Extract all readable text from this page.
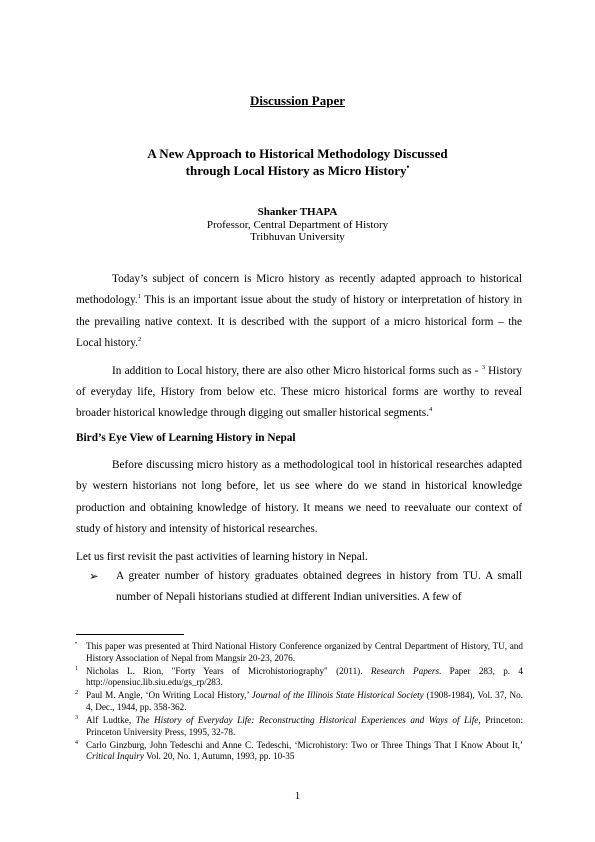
Discussion Paper
A New Approach to Historical Methodology Discussed
through Local History as Micro History•
Shanker THAPA
Professor, Central Department of History
Tribhuvan University

Today’s subject of concern is Micro history as recently adapted approach to historical methodology.$^1$ This is an important issue about the study of history or interpretation of history in the prevailing native context. It is described with the support of a micro historical form – the Local history.$^2$

In addition to Local history, there are also other Micro historical forms such as - $^3$ History of everyday life, History from below etc. These micro historical forms are worthy to reveal broader historical knowledge through digging out smaller historical segments.$^4$

Bird’s Eye View of Learning History in Nepal

Before discussing micro history as a methodological tool in historical researches adapted by western historians not long before, let us see where do we stand in historical knowledge production and obtaining knowledge of history. It means we need to reevaluate our context of study of history and intensity of historical researches.

Let us first revisit the past activities of learning history in Nepal.

➢ A greater number of history graduates obtained degrees in history from TU. A small number of Nepali historians studied at different Indian universities. A few of
• This paper was presented at Third National History Conference organized by Central Department of History, TU, and History Association of Nepal from Mangsir 20-23, 2076.
1 Nicholas L. Rion, "Forty Years of Microhistoriography" (2011). Research Papers. Paper 283, p. 4 http://opensiuc.lib.siu.edu/gs_rp/283.
2 Paul M. Angle, ‘On Writing Local History,’ Journal of the Illinois State Historical Society (1908-1984), Vol. 37, No. 4, Dec., 1944, pp. 358-362.
3 Alf Ludtke, The History of Everyday Life: Reconstructing Historical Experiences and Ways of Life, Princeton: Princeton University Press, 1995, 32-78.
4 Carlo Ginzburg, John Tedeschi and Anne C. Tedeschi, ‘Microhistory: Two or Three Things That I Know About It,’ Critical Inquiry Vol. 20, No. 1, Autumn, 1993, pp. 10-35
1
